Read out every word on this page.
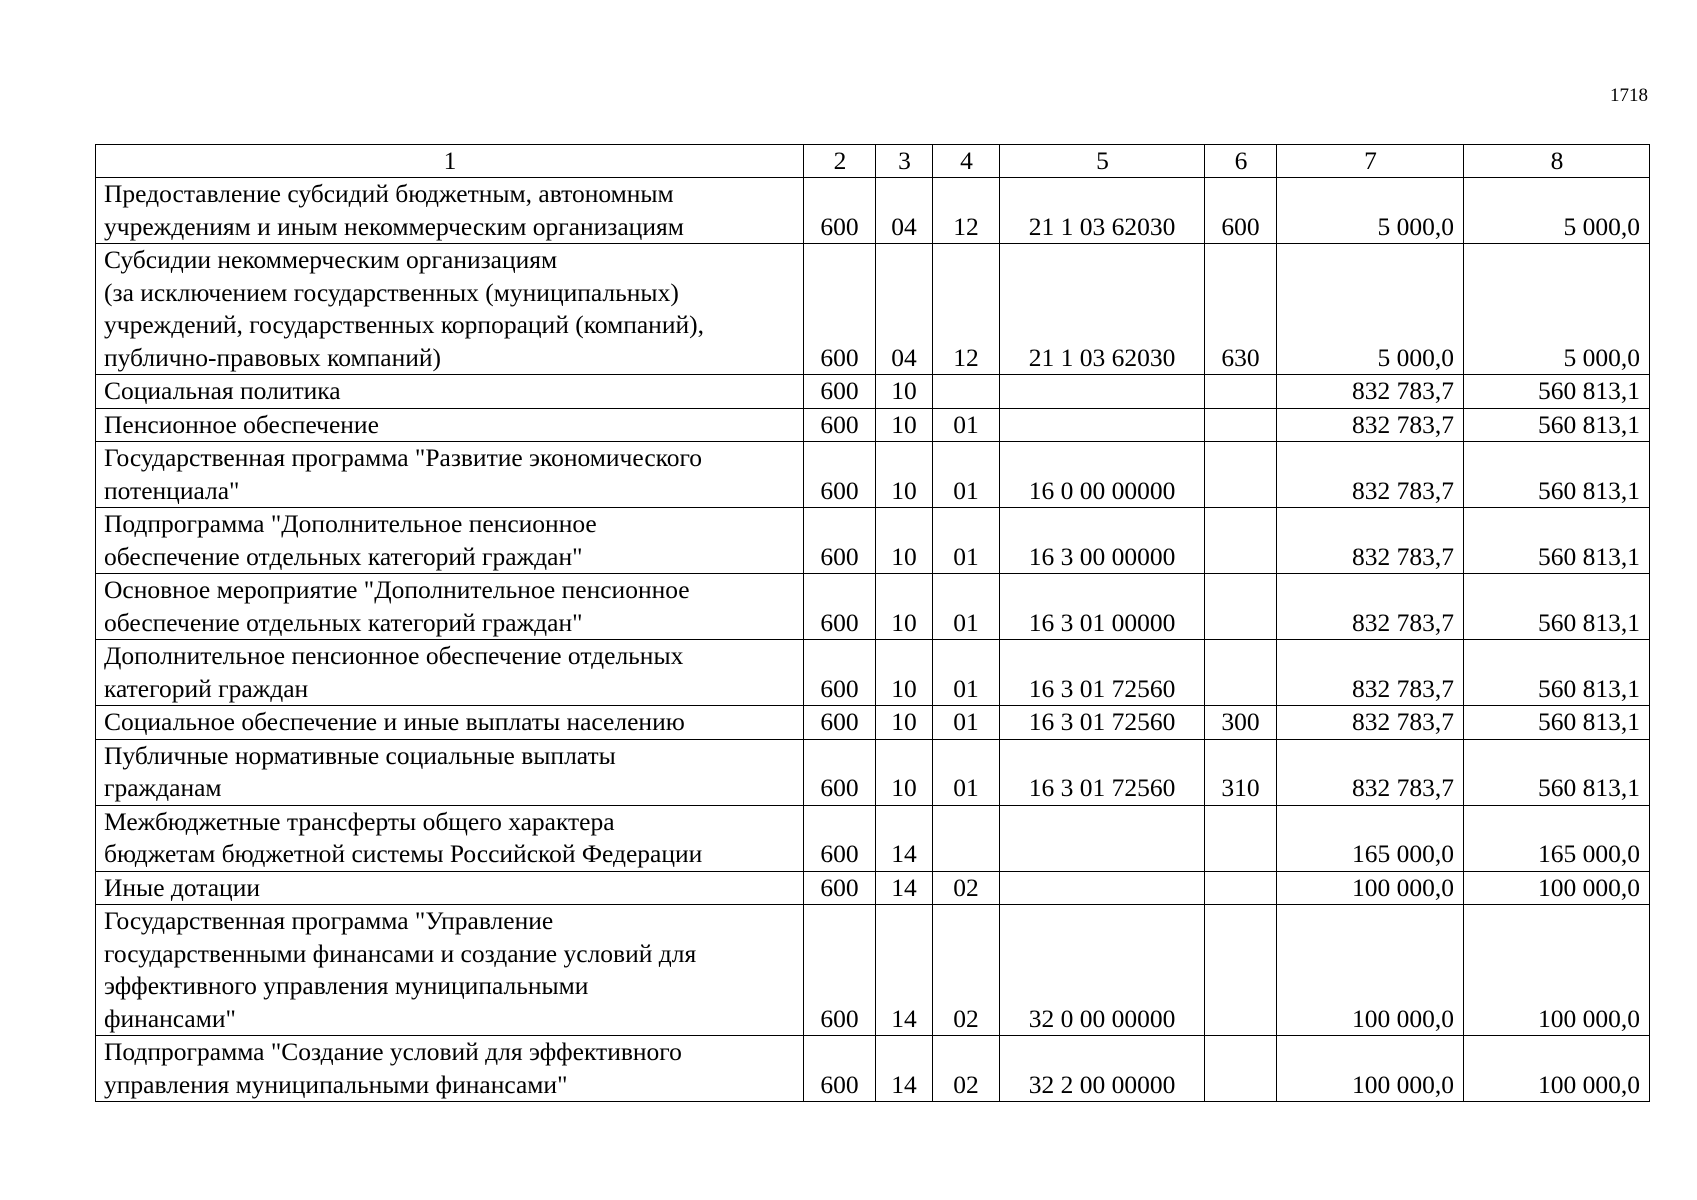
1718
1	2	3	4	5	6	7	8
Предоставление субсидий бюджетным, автономным
учреждениям и иным некоммерческим организациям	600	04	12	21 1 03 62030	600	5 000,0	5 000,0
Субсидии некоммерческим организациям
(за исключением государственных (муниципальных)
учреждений, государственных корпораций (компаний),
публично-правовых компаний)	600	04	12	21 1 03 62030	630	5 000,0	5 000,0
Социальная политика	600	10				832 783,7	560 813,1
Пенсионное обеспечение	600	10	01			832 783,7	560 813,1
Государственная программа "Развитие экономического
потенциала"	600	10	01	16 0 00 00000		832 783,7	560 813,1
Подпрограмма "Дополнительное пенсионное
обеспечение отдельных категорий граждан"	600	10	01	16 3 00 00000		832 783,7	560 813,1
Основное мероприятие "Дополнительное пенсионное
обеспечение отдельных категорий граждан"	600	10	01	16 3 01 00000		832 783,7	560 813,1
Дополнительное пенсионное обеспечение отдельных
категорий граждан	600	10	01	16 3 01 72560		832 783,7	560 813,1
Социальное обеспечение и иные выплаты населению	600	10	01	16 3 01 72560	300	832 783,7	560 813,1
Публичные нормативные социальные выплаты
гражданам	600	10	01	16 3 01 72560	310	832 783,7	560 813,1
Межбюджетные трансферты общего характера
бюджетам бюджетной системы Российской Федерации	600	14				165 000,0	165 000,0
Иные дотации	600	14	02			100 000,0	100 000,0
Государственная программа "Управление
государственными финансами и создание условий для
эффективного управления муниципальными
финансами"	600	14	02	32 0 00 00000		100 000,0	100 000,0
Подпрограмма "Создание условий для эффективного
управления муниципальными финансами"	600	14	02	32 2 00 00000		100 000,0	100 000,0
